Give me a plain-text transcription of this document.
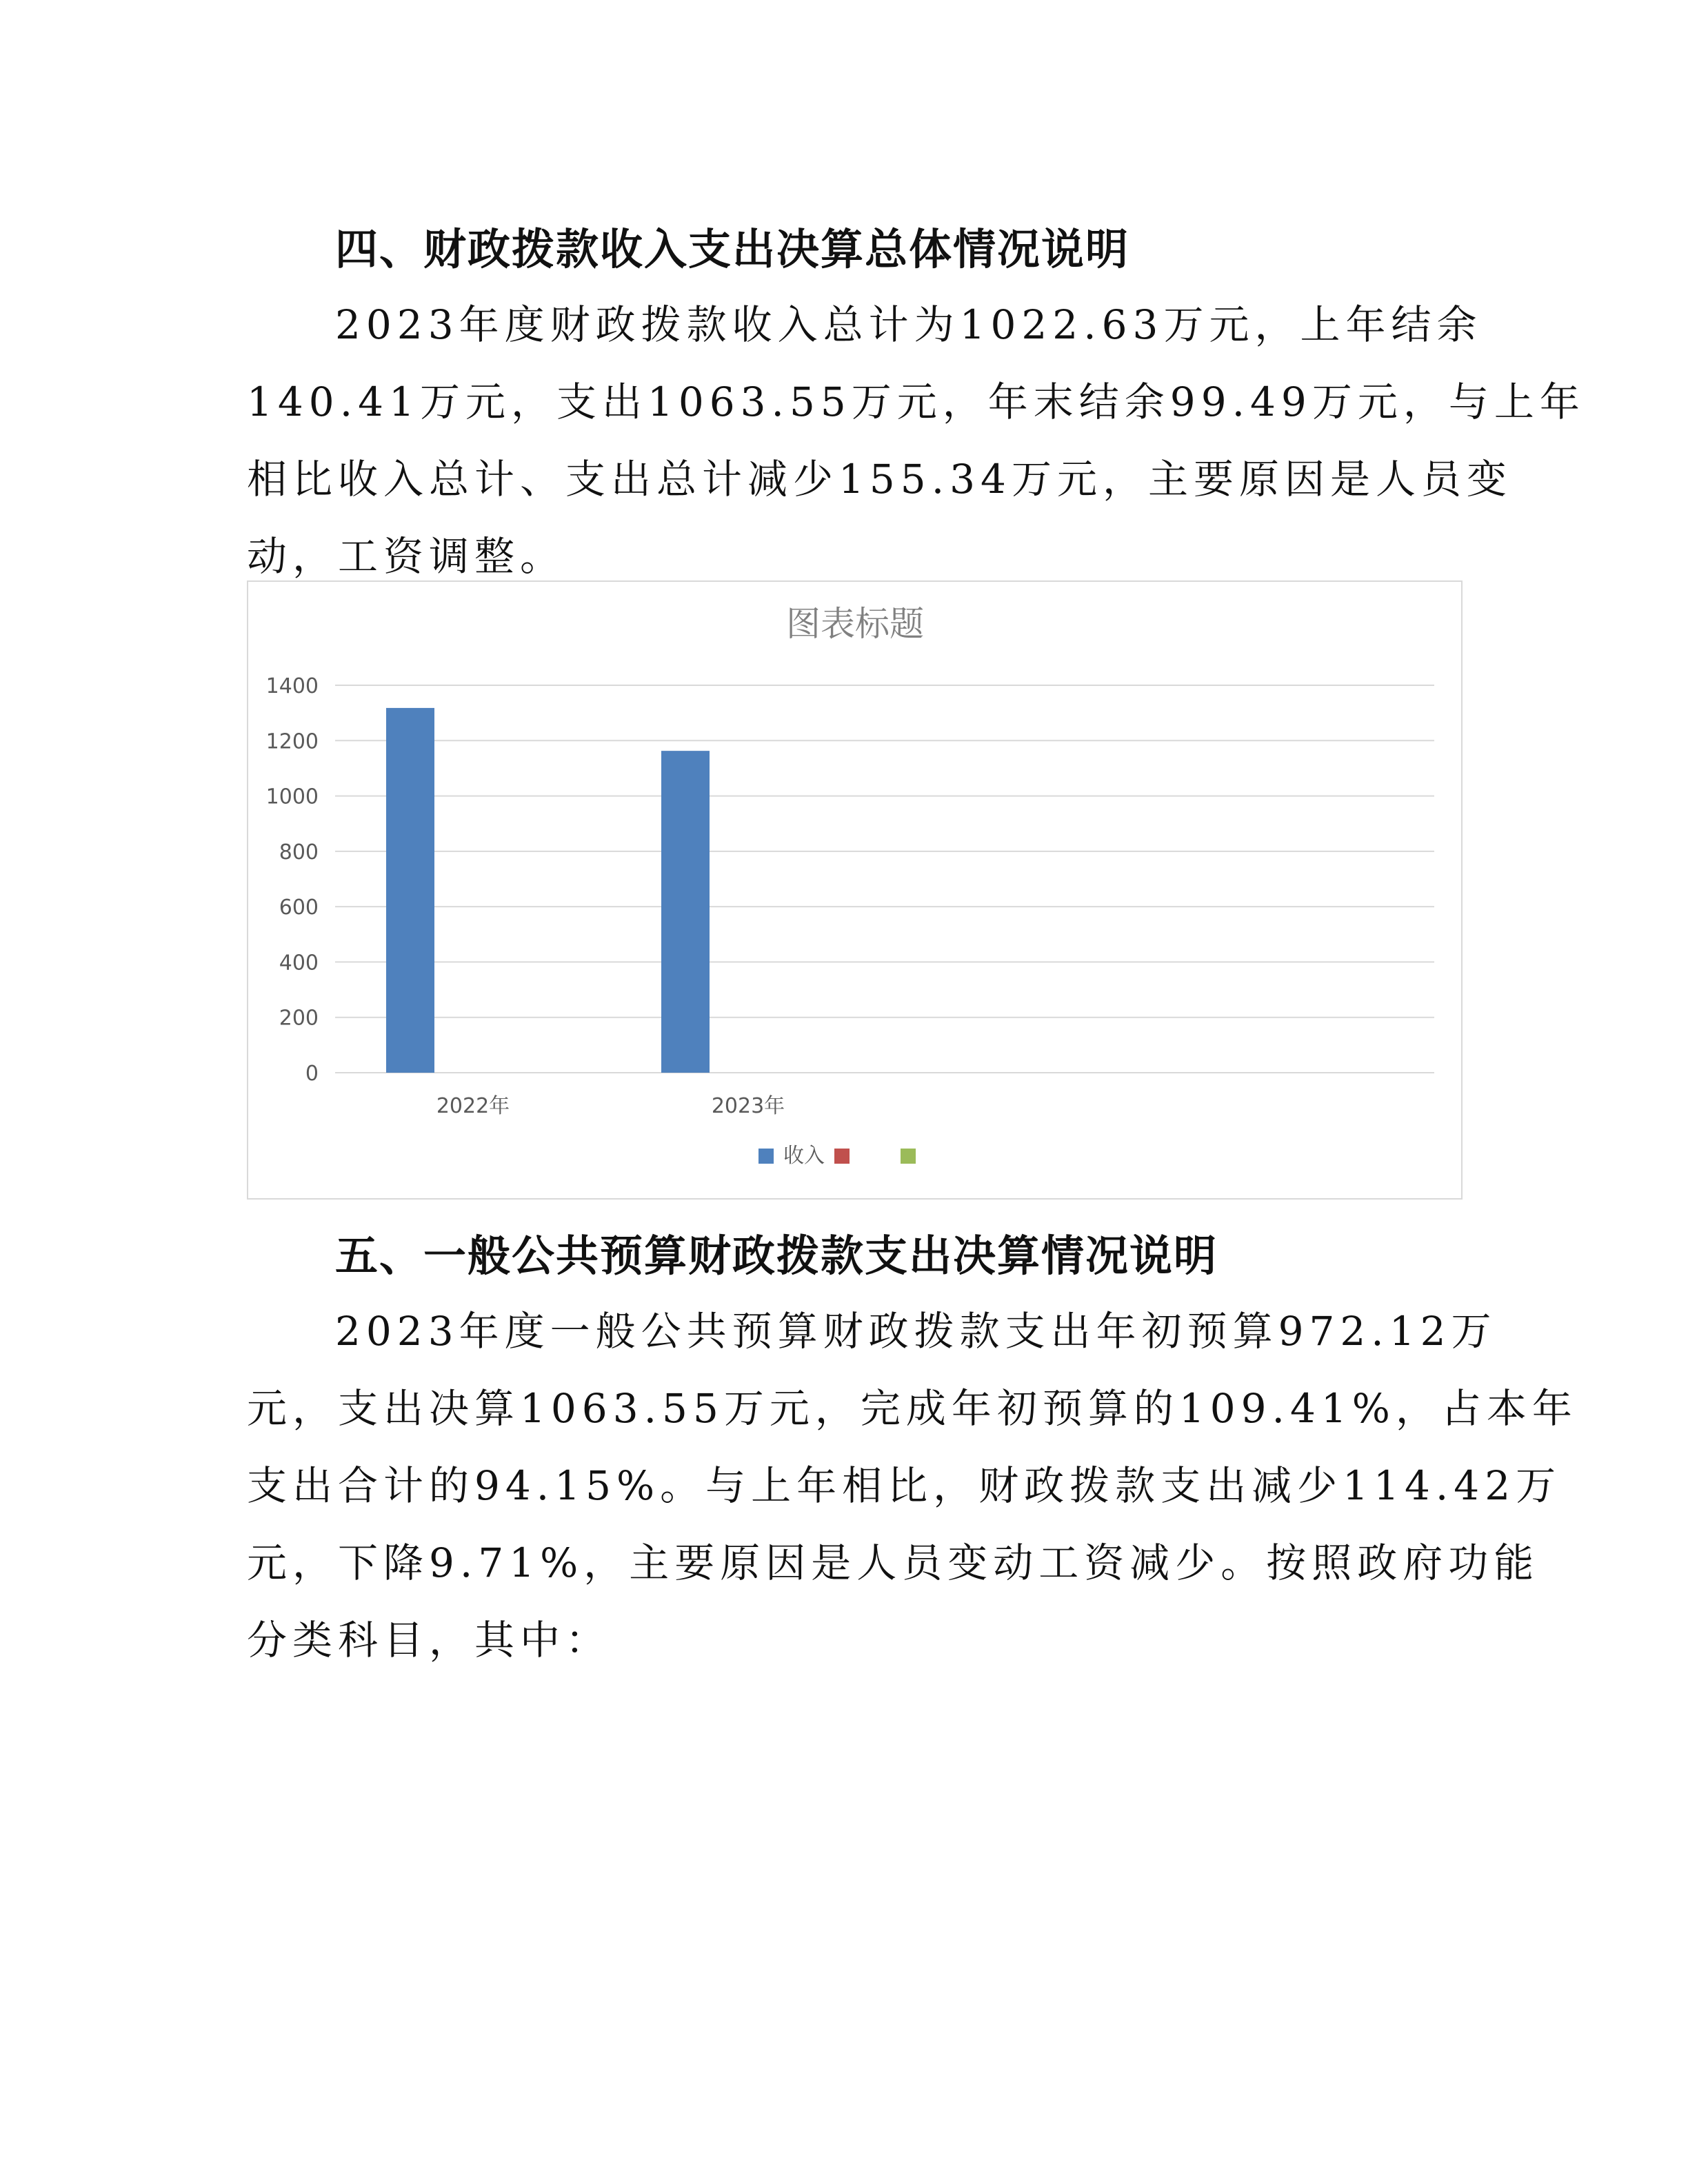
四、财政拨款收入支出决算总体情况说明

2023年度财政拨款收入总计为1022.63万元，上年结余

140.41万元，支出1063.55万元，年末结余99.49万元，与上年

相比收入总计、支出总计减少155.34万元，主要原因是人员变

动，工资调整。

图表标题
2022年	2023年
0
200
400
600
800
1000
1200
1400
收入
五、一般公共预算财政拨款支出决算情况说明

2023年度一般公共预算财政拨款支出年初预算972.12万

元，支出决算1063.55万元，完成年初预算的109.41%，占本年

支出合计的94.15%。与上年相比，财政拨款支出减少114.42万

元，下降9.71%，主要原因是人员变动工资减少。按照政府功能

分类科目，其中：
